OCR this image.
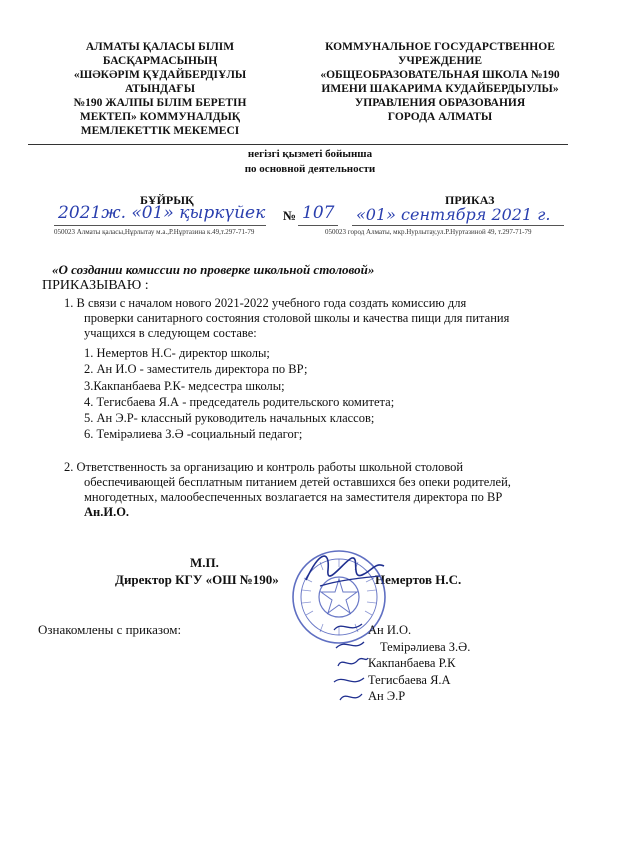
АЛМАТЫ ҚАЛАСЫ БІЛІМ
БАСҚАРМАСЫНЫҢ
«ШӘКӘРІМ ҚҰДАЙБЕРДІҰЛЫ АТЫНДАҒЫ
№190 ЖАЛПЫ БІЛІМ БЕРЕТІН
МЕКТЕП» КОММУНАЛДЫҚ
МЕМЛЕКЕТТІК МЕКЕМЕСІ
КОММУНАЛЬНОЕ ГОСУДАРСТВЕННОЕ
УЧРЕЖДЕНИЕ
«ОБЩЕОБРАЗОВАТЕЛЬНАЯ ШКОЛА №190
ИМЕНИ ШАКАРИМА КУДАЙБЕРДЫУЛЫ»
УПРАВЛЕНИЯ ОБРАЗОВАНИЯ
ГОРОДА АЛМАТЫ
негізгі қызметі бойынша
по основной деятельности
БҰЙРЫҚ	ПРИКАЗ
2021ж. «01» қыркүйек № 107 «01» сентября 2021 г.
050023 Алматы қаласы,Нұрлытау м.а.,Р.Нұртазина к.49,т.297-71-79	050023 город Алматы, мкр.Нурлытау,ул.Р.Нуртазиной 49, т.297-71-79
«О создании комиссии по проверке школьной столовой»
ПРИКАЗЫВАЮ :
1. В связи с началом нового 2021-2022 учебного года создать комиссию для
проверки санитарного состояния столовой школы и качества пищи для питания
учащихся в следующем составе:
1. Немертов Н.С- директор школы;
2. Ан И.О - заместитель директора по ВР;
3.Какпанбаева Р.К- медсестра школы;
4. Тегисбаева Я.А - председатель родительского комитета;
5. Ан Э.Р- классный руководитель начальных классов;
6. Темірәлиева З.Ә -социальный педагог;
2. Ответственность за организацию и контроль работы школьной столовой
обеспечивающей бесплатным питанием детей оставшихся без опеки родителей,
многодетных, малообеспеченных возлагается на заместителя директора по ВР
Ан.И.О.
М.П.
Директор КГУ «ОШ №190»	Немертов Н.С.
Ознакомлены с приказом:	Ан И.О.
Темірәлиева З.Ә.
Какпанбаева Р.К
Тегисбаева Я.А
Ан Э.Р
